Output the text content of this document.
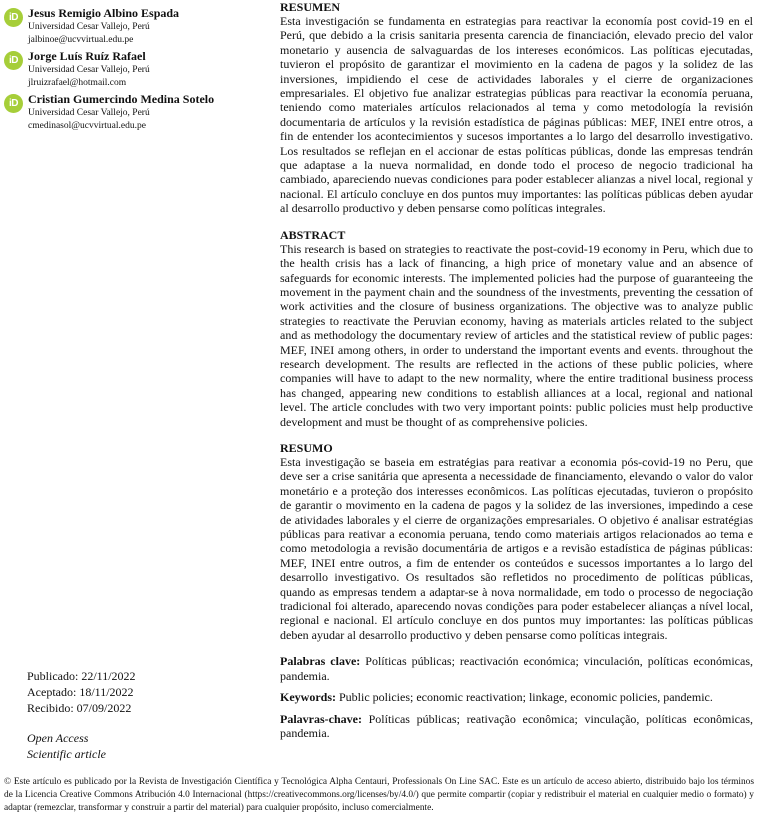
iD Jesus Remigio Albino Espada
Universidad Cesar Vallejo, Perú
jalbinoe@ucvvirtual.edu.pe
iD Jorge Luís Ruíz Rafael
Universidad Cesar Vallejo, Perú
jlruizrafael@hotmail.com
iD Cristian Gumercindo Medina Sotelo
Universidad Cesar Vallejo, Perú
cmedinasol@ucvvirtual.edu.pe
Publicado: 22/11/2022
Aceptado: 18/11/2022
Recibido: 07/09/2022
Open Access
Scientific article

RESUMEN

Esta investigación se fundamenta en estrategias para reactivar la economía post covid-19 en el Perú, que debido a la crisis sanitaria presenta carencia de financiación, elevado precio del valor monetario y ausencia de salvaguardas de los intereses económicos. Las políticas ejecutadas, tuvieron el propósito de garantizar el movimiento en la cadena de pagos y la solidez de las inversiones, impidiendo el cese de actividades laborales y el cierre de organizaciones empresariales. El objetivo fue analizar estrategias públicas para reactivar la economía peruana, teniendo como materiales artículos relacionados al tema y como metodología la revisión documentaria de artículos y la revisión estadística de páginas públicas: MEF, INEI entre otros, a fin de entender los acontecimientos y sucesos importantes a lo largo del desarrollo investigativo. Los resultados se reflejan en el accionar de estas políticas públicas, donde las empresas tendrán que adaptase a la nueva normalidad, en donde todo el proceso de negocio tradicional ha cambiado, apareciendo nuevas condiciones para poder establecer alianzas a nivel local, regional y nacional. El artículo concluye en dos puntos muy importantes: las políticas públicas deben ayudar al desarrollo productivo y deben pensarse como políticas integrales.

ABSTRACT

This research is based on strategies to reactivate the post-covid-19 economy in Peru, which due to the health crisis has a lack of financing, a high price of monetary value and an absence of safeguards for economic interests. The implemented policies had the purpose of guaranteeing the movement in the payment chain and the soundness of the investments, preventing the cessation of work activities and the closure of business organizations. The objective was to analyze public strategies to reactivate the Peruvian economy, having as materials articles related to the subject and as methodology the documentary review of articles and the statistical review of public pages: MEF, INEI among others, in order to understand the important events and events. throughout the research development. The results are reflected in the actions of these public policies, where companies will have to adapt to the new normality, where the entire traditional business process has changed, appearing new conditions to establish alliances at a local, regional and national level. The article concludes with two very important points: public policies must help productive development and must be thought of as comprehensive policies.

RESUMO

Esta investigação se baseia em estratégias para reativar a economia pós-covid-19 no Peru, que deve ser a crise sanitária que apresenta a necessidade de financiamento, elevando o valor do valor monetário e a proteção dos interesses econômicos. Las políticas ejecutadas, tuvieron o propósito de garantir o movimento en la cadena de pagos y la solidez de las inversiones, impedindo a cese de atividades laborales y el cierre de organizações empresariales. O objetivo é analisar estratégias públicas para reativar a economia peruana, tendo como materiais artigos relacionados ao tema e como metodologia a revisão documentária de artigos e a revisão estadística de páginas públicas: MEF, INEI entre outros, a fim de entender os conteúdos e sucessos importantes a lo largo del desarrollo investigativo. Os resultados são refletidos no procedimento de políticas públicas, quando as empresas tendem a adaptar-se à nova normalidade, em todo o processo de negociação tradicional foi alterado, aparecendo novas condições para poder estabelecer alianças a nível local, regional e nacional. El artículo concluye en dos puntos muy importantes: las políticas públicas deben ayudar al desarrollo productivo y deben pensarse como políticas integrais.

Palabras clave: Políticas públicas; reactivación económica; vinculación, políticas económicas, pandemia.

Keywords: Public policies; economic reactivation; linkage, economic policies, pandemic.

Palavras-chave: Políticas públicas; reativação econômica; vinculação, políticas econômicas, pandemia.

© Este artículo es publicado por la Revista de Investigación Científica y Tecnológica Alpha Centauri, Professionals On Line SAC. Este es un artículo de acceso abierto, distribuido bajo los términos de la Licencia Creative Commons Atribución 4.0 Internacional (https://creativecommons.org/licenses/by/4.0/) que permite compartir (copiar y redistribuir el material en cualquier medio o formato) y adaptar (remezclar, transformar y construir a partir del material) para cualquier propósito, incluso comercialmente.
